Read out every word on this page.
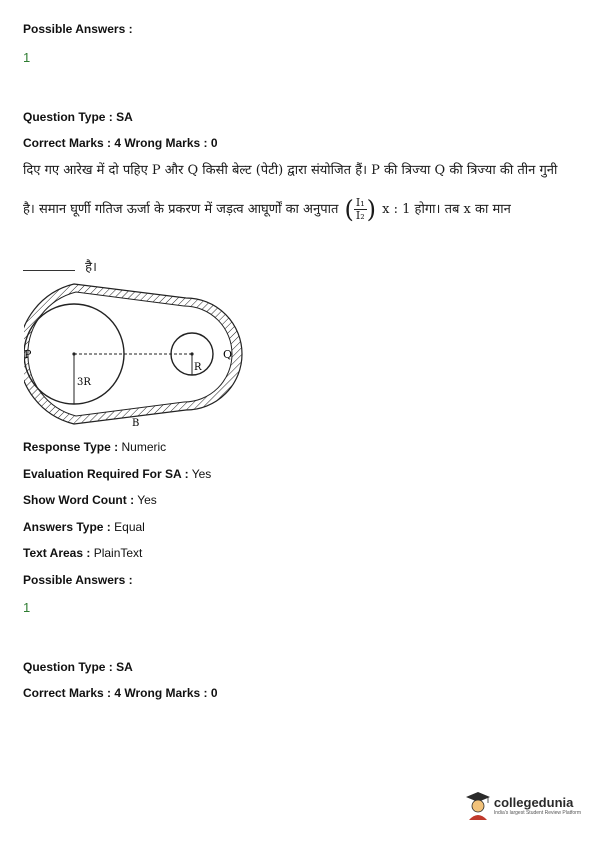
Possible Answers :
1
Question Type : SA
Correct Marks : 4 Wrong Marks : 0
दिए गए आरेख में दो पहिए P और Q किसी बेल्ट (पेटी) द्वारा संयोजित हैं। P की त्रिज्या Q की त्रिज्या की तीन गुनी
है। समान घूर्णी गतिज ऊर्जा के प्रकरण में जड़त्व आघूर्णों का अनुपात ( $\frac{\text{I₁}}{\text{I₂}}$ ) x : 1 होगा। तब x का मान
है।
P	Q
3R
R
B
Response Type : Numeric
Evaluation Required For SA : Yes
Show Word Count : Yes
Answers Type : Equal
Text Areas : PlainText
Possible Answers :
1
Question Type : SA
Correct Marks : 4 Wrong Marks : 0
collegedunia
India's largest Student Review Platform
